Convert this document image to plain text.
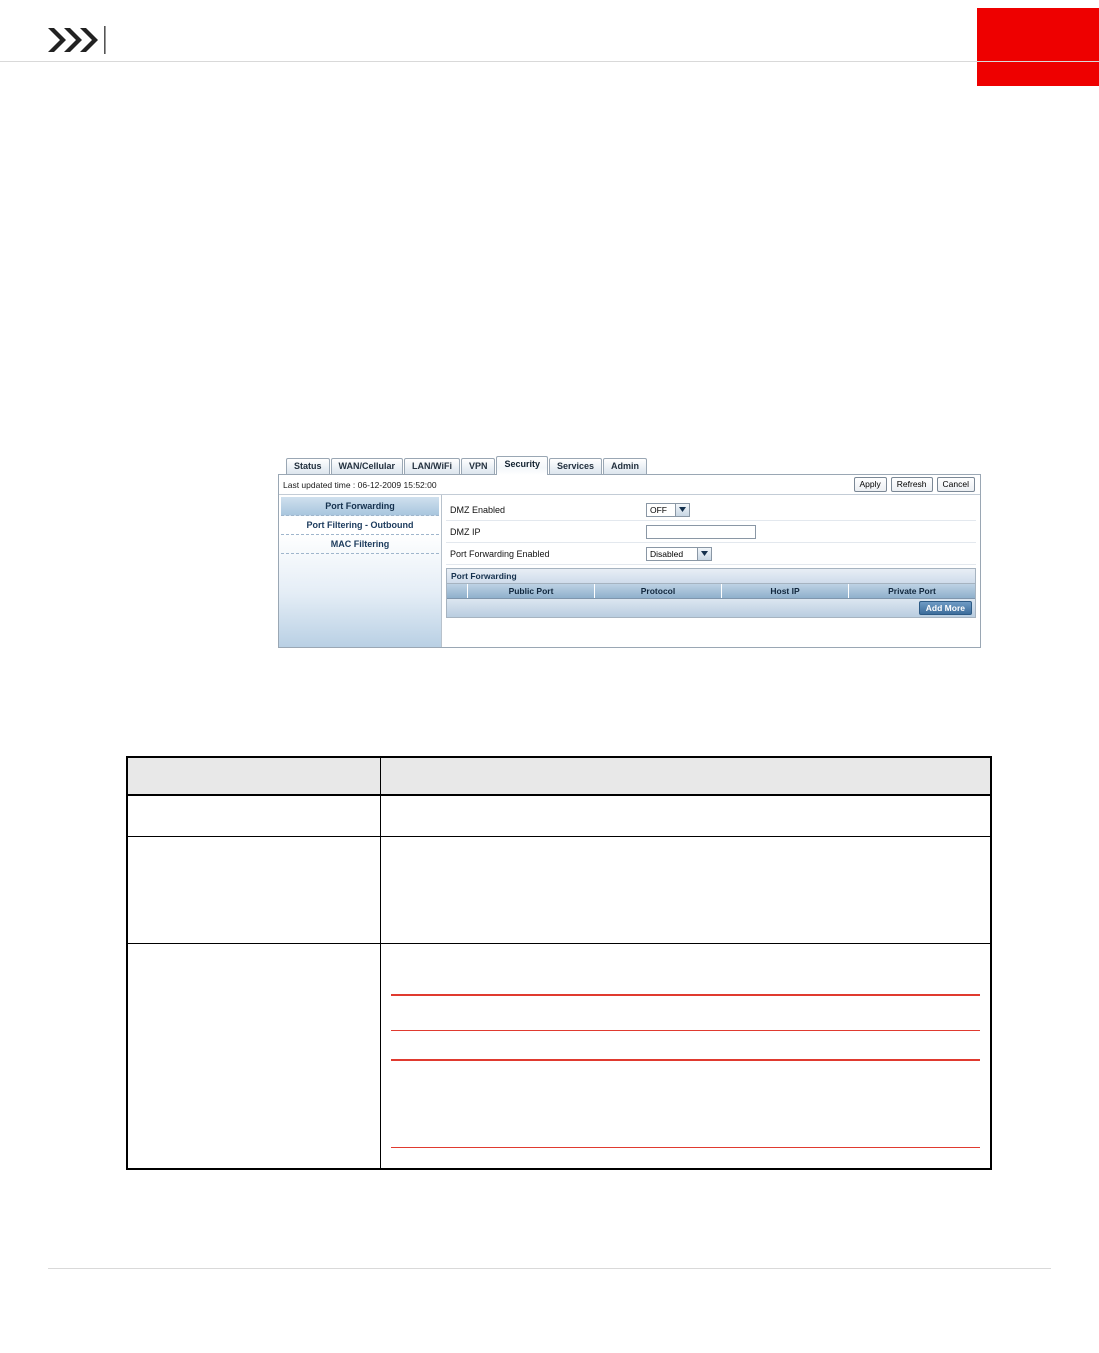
Status	WAN/Cellular	LAN/WiFi	VPN	Security	Services	Admin
Last updated time : 06-12-2009 15:52:00	Apply	Refresh	Cancel
Port Forwarding
Port Filtering - Outbound
MAC Filtering
DMZ Enabled	OFF
DMZ IP
Port Forwarding Enabled	Disabled
Port Forwarding
Public Port	Protocol	Host IP	Private Port
Add More
